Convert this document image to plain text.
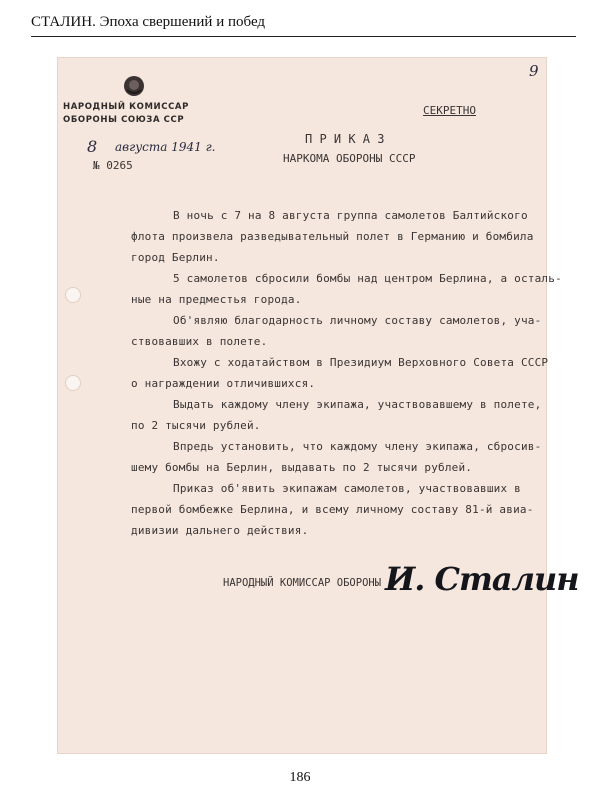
СТАЛИН. Эпоха свершений и побед
9
НАРОДНЫЙ КОМИССАР
ОБОРОНЫ СОЮЗА ССР
8 августа 1941 г.
№ 0265
СЕКРЕТНО
П Р И К А З
НАРКОМА ОБОРОНЫ СССР
В ночь с 7 на 8 августа группа самолетов Балтийского
флота произвела разведывательный полет в Германию и бомбила
город Берлин.
5 самолетов сбросили бомбы над центром Берлина, а осталь-
ные на предместья города.
Об'являю благодарность личному составу самолетов, уча-
ствовавших в полете.
Вхожу с ходатайством в Президиум Верховного Совета СССР
о награждении отличившихся.
Выдать каждому члену экипажа, участвовавшему в полете,
по 2 тысячи рублей.
Впредь установить, что каждому члену экипажа, сбросив-
шему бомбы на Берлин, выдавать по 2 тысячи рублей.
Приказ об'явить экипажам самолетов, участвовавших в
первой бомбежке Берлина, и всему личному составу 81-й авиа-
дивизии дальнего действия.
НАРОДНЫЙ КОМИССАР ОБОРОНЫ И. Сталин
186
